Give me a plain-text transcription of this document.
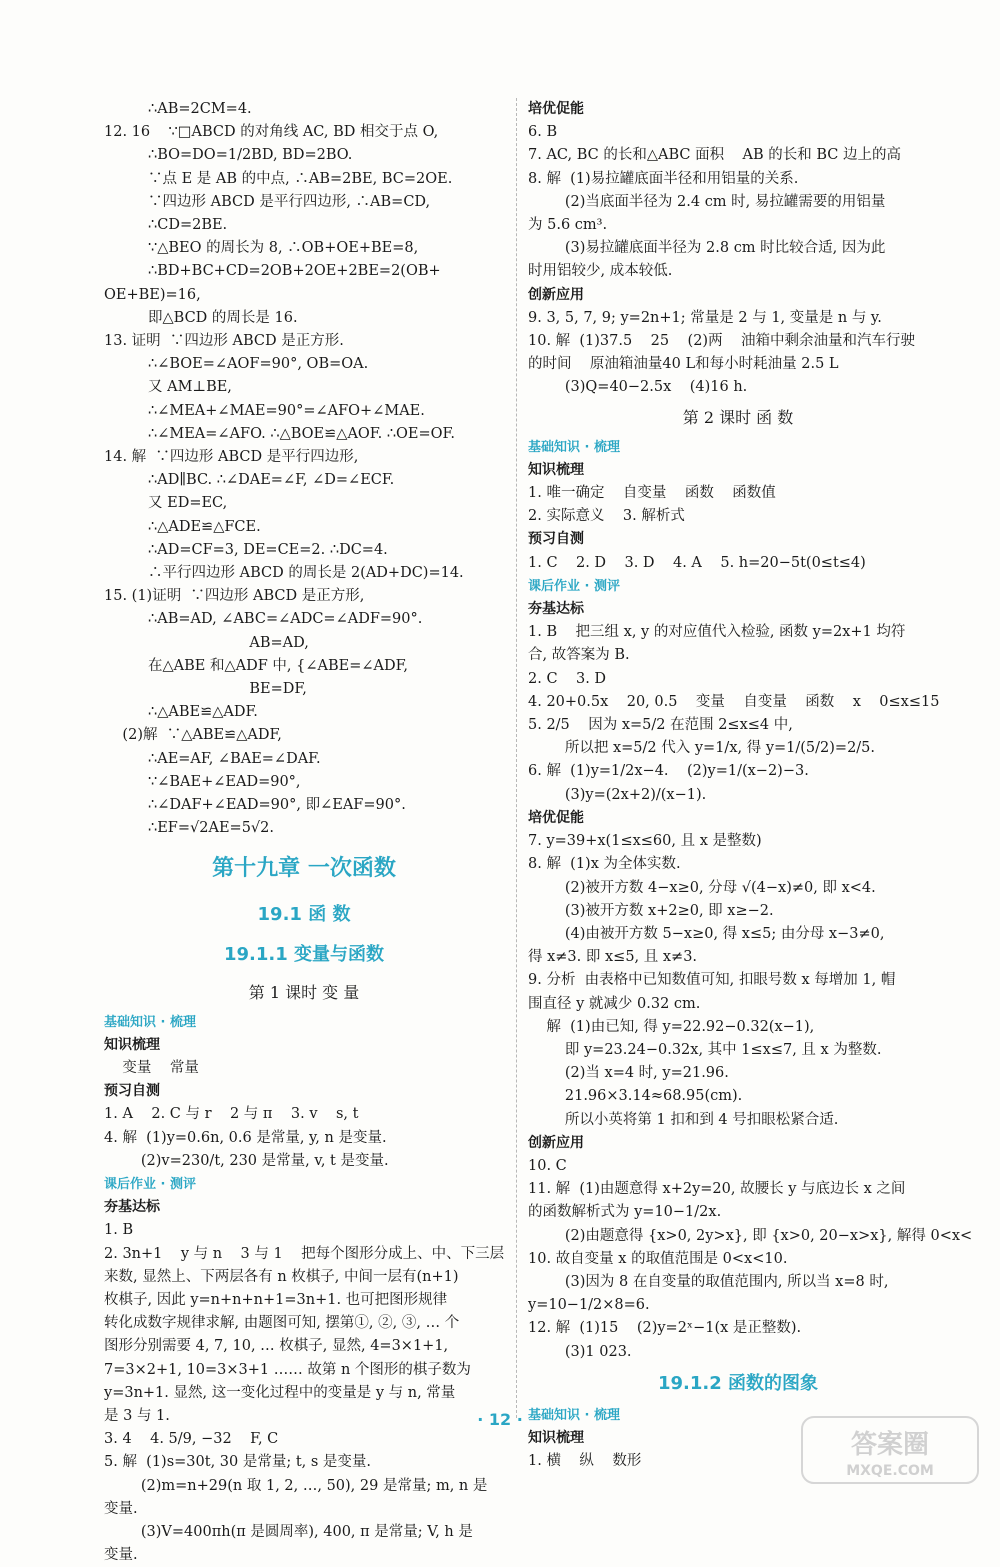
∴AB=2CM=4.
12. 16    ∵□ABCD 的对角线 AC, BD 相交于点 O,
∴BO=DO=1/2BD, BD=2BO.
∵点 E 是 AB 的中点, ∴AB=2BE, BC=2OE.
∵四边形 ABCD 是平行四边形, ∴AB=CD,
∴CD=2BE.
∵△BEO 的周长为 8, ∴OB+OE+BE=8,
∴BD+BC+CD=2OB+2OE+2BE=2(OB+
OE+BE)=16,
即△BCD 的周长是 16.
13. 证明  ∵四边形 ABCD 是正方形.
∴∠BOE=∠AOF=90°, OB=OA.
又 AM⊥BE,
∴∠MEA+∠MAE=90°=∠AFO+∠MAE.
∴∠MEA=∠AFO. ∴△BOE≌△AOF. ∴OE=OF.
14. 解  ∵四边形 ABCD 是平行四边形,
∴AD∥BC. ∴∠DAE=∠F, ∠D=∠ECF.
又 ED=EC,
∴△ADE≌△FCE.
∴AD=CF=3, DE=CE=2. ∴DC=4.
∴平行四边形 ABCD 的周长是 2(AD+DC)=14.
15. (1)证明  ∵四边形 ABCD 是正方形,
∴AB=AD, ∠ABC=∠ADC=∠ADF=90°.
AB=AD,
在△ABE 和△ADF 中, {∠ABE=∠ADF,
BE=DF,
∴△ABE≌△ADF.
(2)解  ∵△ABE≌△ADF,
∴AE=AF, ∠BAE=∠DAF.
∵∠BAE+∠EAD=90°,
∴∠DAF+∠EAD=90°, 即∠EAF=90°.
∴EF=√2AE=5√2.
第十九章 一次函数
19.1 函 数
19.1.1 变量与函数
第 1 课时 变 量
基础知识 · 梳理
知识梳理
变量    常量
预习自测
1. A    2. C 与 r    2 与 π    3. v    s, t
4. 解  (1)y=0.6n, 0.6 是常量, y, n 是变量.
(2)v=230/t, 230 是常量, v, t 是变量.
课后作业 · 测评
夯基达标
1. B
2. 3n+1    y 与 n    3 与 1    把每个图形分成上、中、下三层
来数, 显然上、下两层各有 n 枚棋子, 中间一层有(n+1)
枚棋子, 因此 y=n+n+n+1=3n+1. 也可把图形规律
转化成数字规律求解, 由题图可知, 摆第①, ②, ③, … 个
图形分别需要 4, 7, 10, … 枚棋子, 显然, 4=3×1+1,
7=3×2+1, 10=3×3+1 …… 故第 n 个图形的棋子数为
y=3n+1. 显然, 这一变化过程中的变量是 y 与 n, 常量
是 3 与 1.
3. 4    4. 5/9, −32    F, C
5. 解  (1)s=30t, 30 是常量; t, s 是变量.
(2)m=n+29(n 取 1, 2, …, 50), 29 是常量; m, n 是
变量.
(3)V=400πh(π 是圆周率), 400, π 是常量; V, h 是
变量.
培优促能
6. B
7. AC, BC 的长和△ABC 面积    AB 的长和 BC 边上的高
8. 解  (1)易拉罐底面半径和用铝量的关系.
(2)当底面半径为 2.4 cm 时, 易拉罐需要的用铝量
为 5.6 cm³.
(3)易拉罐底面半径为 2.8 cm 时比较合适, 因为此
时用铝较少, 成本较低.
创新应用
9. 3, 5, 7, 9; y=2n+1; 常量是 2 与 1, 变量是 n 与 y.
10. 解  (1)37.5    25    (2)两    油箱中剩余油量和汽车行驶
的时间    原油箱油量40 L和每小时耗油量 2.5 L
(3)Q=40−2.5x    (4)16 h.
第 2 课时 函 数
基础知识 · 梳理
知识梳理
1. 唯一确定    自变量    函数    函数值
2. 实际意义    3. 解析式
预习自测
1. C    2. D    3. D    4. A    5. h=20−5t(0≤t≤4)
课后作业 · 测评
夯基达标
1. B    把三组 x, y 的对应值代入检验, 函数 y=2x+1 均符
合, 故答案为 B.
2. C    3. D
4. 20+0.5x    20, 0.5    变量    自变量    函数    x    0≤x≤15
5. 2/5    因为 x=5/2 在范围 2≤x≤4 中,
所以把 x=5/2 代入 y=1/x, 得 y=1/(5/2)=2/5.
6. 解  (1)y=1/2x−4.    (2)y=1/(x−2)−3.
(3)y=(2x+2)/(x−1).
培优促能
7. y=39+x(1≤x≤60, 且 x 是整数)
8. 解  (1)x 为全体实数.
(2)被开方数 4−x≥0, 分母 √(4−x)≠0, 即 x<4.
(3)被开方数 x+2≥0, 即 x≥−2.
(4)由被开方数 5−x≥0, 得 x≤5; 由分母 x−3≠0,
得 x≠3. 即 x≤5, 且 x≠3.
9. 分析  由表格中已知数值可知, 扣眼号数 x 每增加 1, 帽
围直径 y 就减少 0.32 cm.
解  (1)由已知, 得 y=22.92−0.32(x−1),
即 y=23.24−0.32x, 其中 1≤x≤7, 且 x 为整数.
(2)当 x=4 时, y=21.96.
21.96×3.14≈68.95(cm).
所以小英将第 1 扣和到 4 号扣眼松紧合适.
创新应用
10. C
11. 解  (1)由题意得 x+2y=20, 故腰长 y 与底边长 x 之间
的函数解析式为 y=10−1/2x.
(2)由题意得 {x>0, 2y>x}, 即 {x>0, 20−x>x}, 解得 0<x<
10. 故自变量 x 的取值范围是 0<x<10.
(3)因为 8 在自变量的取值范围内, 所以当 x=8 时,
y=10−1/2×8=6.
12. 解  (1)15    (2)y=2ˣ−1(x 是正整数).
(3)1 023.
19.1.2 函数的图象
基础知识 · 梳理
知识梳理
1. 横    纵    数形
· 12 ·
答案圈
MXQE.COM
